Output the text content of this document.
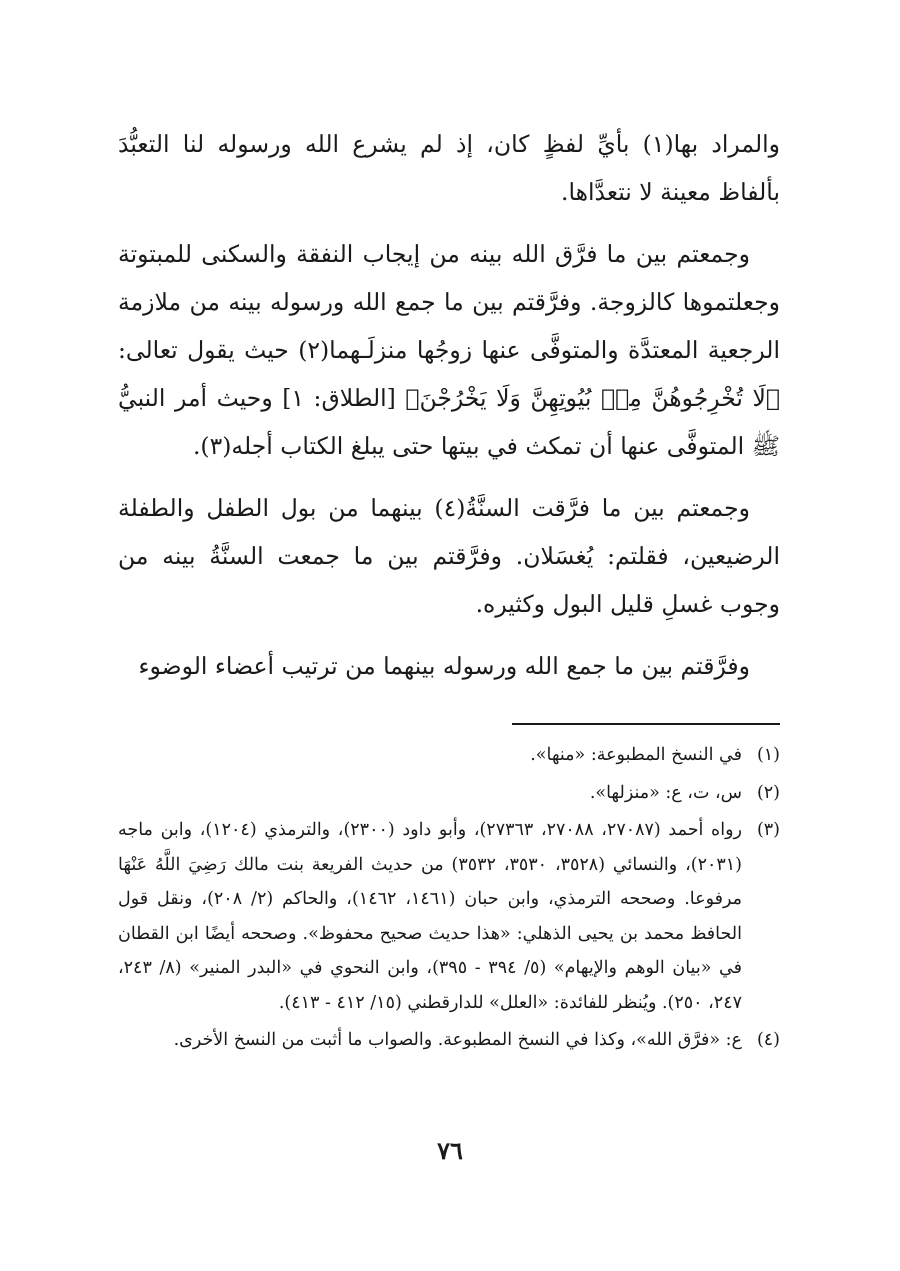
والمراد بها(١) بأيِّ لفظٍ كان، إذ لم يشرع الله ورسوله لنا التعبُّدَ بألفاظ معينة لا نتعدَّاها.

وجمعتم بين ما فرَّق الله بينه من إيجاب النفقة والسكنى للمبتوتة وجعلتموها كالزوجة. وفرَّقتم بين ما جمع الله ورسوله بينه من ملازمة الرجعية المعتدَّة والمتوفَّى عنها زوجُها منزلَـهما(٢) حيث يقول تعالى: ﴿لَا تُخْرِجُوهُنَّ مِنۢ بُيُوتِهِنَّ وَلَا يَخْرُجْنَ﴾ [الطلاق: ١] وحيث أمر النبيُّ ﷺ المتوفَّى عنها أن تمكث في بيتها حتى يبلغ الكتاب أجله(٣).

وجمعتم بين ما فرَّقت السنَّةُ(٤) بينهما من بول الطفل والطفلة الرضيعين، فقلتم: يُغسَلان. وفرَّقتم بين ما جمعت السنَّةُ بينه من وجوب غسلِ قليل البول وكثيره.

وفرَّقتم بين ما جمع الله ورسوله بينهما من ترتيب أعضاء الوضوء

(١)
في النسخ المطبوعة: «منها».
(٢)
س، ت، ع: «منزلها».
(٣)
رواه أحمد (٢٧٠٨٧، ٢٧٠٨٨، ٢٧٣٦٣)، وأبو داود (٢٣٠٠)، والترمذي (١٢٠٤)، وابن ماجه (٢٠٣١)، والنسائي (٣٥٢٨، ٣٥٣٠، ٣٥٣٢) من حديث الفريعة بنت مالك رَضِيَ اللَّهُ عَنْهَا مرفوعا. وصححه الترمذي، وابن حبان (١٤٦١، ١٤٦٢)، والحاكم (٢/ ٢٠٨)، ونقل قول الحافظ محمد بن يحيى الذهلي: «هذا حديث صحيح محفوظ». وصححه أيضًا ابن القطان في «بيان الوهم والإيهام» (٥/ ٣٩٤ - ٣٩٥)، وابن النحوي في «البدر المنير» (٨/ ٢٤٣، ٢٤٧، ٢٥٠). ويُنظر للفائدة: «العلل» للدارقطني (١٥/ ٤١٢ - ٤١٣).
(٤)
ع: «فرَّق الله»، وكذا في النسخ المطبوعة. والصواب ما أثبت من النسخ الأخرى.
٧٦
